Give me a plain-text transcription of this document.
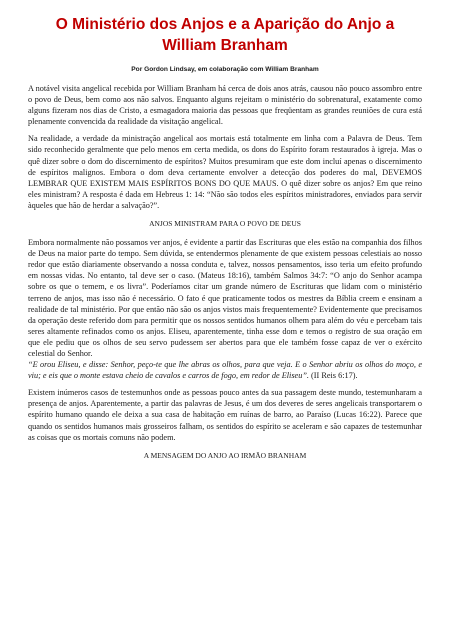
O Ministério dos Anjos e a Aparição do Anjo a William Branham
Por Gordon Lindsay, em colaboração com William Branham

A notável visita angelical recebida por William Branham há cerca de dois anos atrás, causou não pouco assombro entre o povo de Deus, bem como aos não salvos. Enquanto alguns rejeitam o ministério do sobrenatural, exatamente como alguns fizeram nos dias de Cristo, a esmagadora maioria das pessoas que freqüentam as grandes reuniões de cura está plenamente convencida da realidade da visitação angelical.

Na realidade, a verdade da ministração angelical aos mortais está totalmente em linha com a Palavra de Deus. Tem sido reconhecido geralmente que pelo menos em certa medida, os dons do Espírito foram restaurados à igreja. Mas o quê dizer sobre o dom do discernimento de espíritos? Muitos presumiram que este dom incluí apenas o discernimento de espíritos malignos. Embora o dom deva certamente envolver a detecção dos poderes do mal, DEVEMOS LEMBRAR QUE EXISTEM MAIS ESPÍRITOS BONS DO QUE MAUS. O quê dizer sobre os anjos? Em que reino eles ministram? A resposta é dada em Hebreus 1: 14: “Não são todos eles espíritos ministradores, enviados para servir àqueles que hão de herdar a salvação?”.

ANJOS MINISTRAM PARA O POVO DE DEUS

Embora normalmente não possamos ver anjos, é evidente a partir das Escrituras que eles estão na companhia dos filhos de Deus na maior parte do tempo. Sem dúvida, se entendermos plenamente de que existem pessoas celestiais ao nosso redor que estão diariamente observando a nossa conduta e, talvez, nossos pensamentos, isso teria um efeito profundo em nossas vidas. No entanto, tal deve ser o caso. (Mateus 18:16), também Salmos 34:7: “O anjo do Senhor acampa sobre os que o temem, e os livra”. Poderíamos citar um grande número de Escrituras que lidam com o ministério terreno de anjos, mas isso não é necessário. O fato é que praticamente todos os mestres da Bíblia creem e ensinam a realidade de tal ministério. Por que então não são os anjos vistos mais frequentemente? Evidentemente que precisamos da operação deste referido dom para permitir que os nossos sentidos humanos olhem para além do véu e percebam tais seres altamente refinados como os anjos. Eliseu, aparentemente, tinha esse dom e temos o registro de sua oração em que ele pediu que os olhos de seu servo pudessem ser abertos para que ele também fosse capaz de ver o exército celestial do Senhor.

“E orou Eliseu, e disse: Senhor, peço-te que lhe abras os olhos, para que veja. E o Senhor abriu os olhos do moço, e viu; e eis que o monte estava cheio de cavalos e carros de fogo, em redor de Eliseu”. (II Reis 6:17).

Existem inúmeros casos de testemunhos onde as pessoas pouco antes da sua passagem deste mundo, testemunharam a presença de anjos. Aparentemente, a partir das palavras de Jesus, é um dos deveres de seres angelicais transportarem o espírito humano quando ele deixa a sua casa de habitação em ruínas de barro, ao Paraíso (Lucas 16:22). Parece que quando os sentidos humanos mais grosseiros falham, os sentidos do espírito se aceleram e são capazes de testemunhar as coisas que os mortais comuns não podem.

A MENSAGEM DO ANJO AO IRMÃO BRANHAM
